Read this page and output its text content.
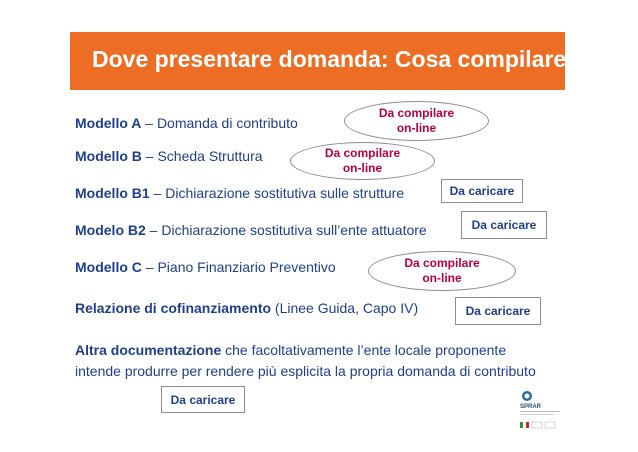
Dove presentare domanda: Cosa compilare
Modello A – Domanda di contributo
Modello B – Scheda Struttura
Modello B1 – Dichiarazione sostitutiva sulle strutture
Modelo B2 – Dichiarazione sostitutiva sull’ente attuatore
Modello C – Piano Finanziario Preventivo
Relazione di cofinanziamento (Linee Guida, Capo IV)
Altra documentazione che facoltativamente l’ente locale proponente intende produrre per rendere più esplicita la propria domanda di contributo
Da compilare
on-line
Da compilare
on-line
Da compilare
on-line
Da caricare
Da caricare
Da caricare
Da caricare
SPRAR
